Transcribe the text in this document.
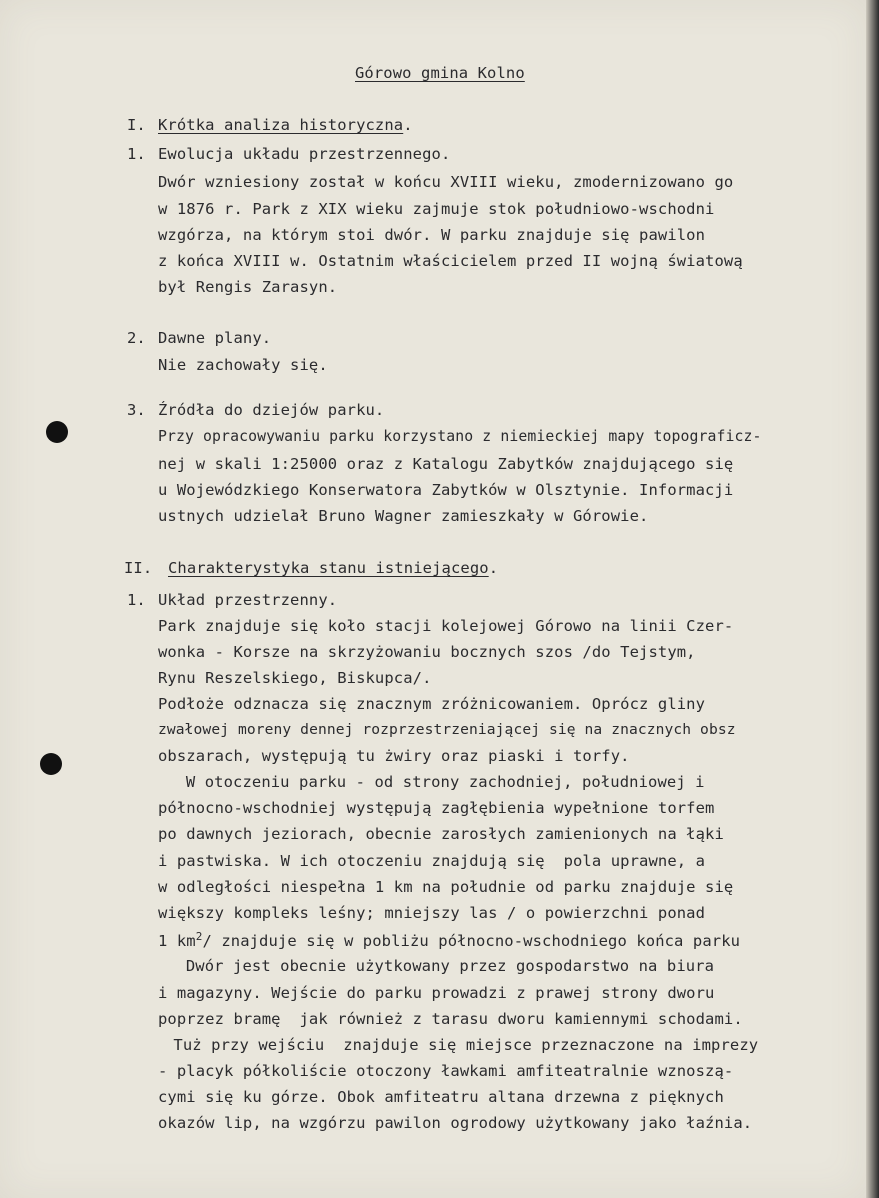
Górowo gmina Kolno
I. Krótka analiza historyczna.
1. Ewolucja układu przestrzennego.
Dwór wzniesiony został w końcu XVIII wieku, zmodernizowano go
w 1876 r. Park z XIX wieku zajmuje stok południowo-wschodni
wzgórza, na którym stoi dwór. W parku znajduje się pawilon
z końca XVIII w. Ostatnim właścicielem przed II wojną światową
był Rengis Zarasyn.
2. Dawne plany.
Nie zachowały się.
3. Źródła do dziejów parku.
Przy opracowywaniu parku korzystano z niemieckiej mapy topograficz-
nej w skali 1:25000 oraz z Katalogu Zabytków znajdującego się
u Wojewódzkiego Konserwatora Zabytków w Olsztynie. Informacji
ustnych udzielał Bruno Wagner zamieszkały w Górowie.
II. Charakterystyka stanu istniejącego.
1. Układ przestrzenny.
Park znajduje się koło stacji kolejowej Górowo na linii Czer-
wonka - Korsze na skrzyżowaniu bocznych szos /do Tejstym,
Rynu Reszelskiego, Biskupca/.
Podłoże odznacza się znacznym zróżnicowaniem. Oprócz gliny
zwałowej moreny dennej rozprzestrzeniającej się na znacznych obsz
obszarach, występują tu żwiry oraz piaski i torfy.
W otoczeniu parku - od strony zachodniej, południowej i
północno-wschodniej występują zagłębienia wypełnione torfem
po dawnych jeziorach, obecnie zarosłych zamienionych na łąki
i pastwiska. W ich otoczeniu znajdują się  pola uprawne, a
w odległości niespełna 1 km na południe od parku znajduje się
większy kompleks leśny; mniejszy las / o powierzchni ponad
1 $km^2/$ znajduje się w pobliżu północno-wschodniego końca parku
Dwór jest obecnie użytkowany przez gospodarstwo na biura
i magazyny. Wejście do parku prowadzi z prawej strony dworu
poprzez bramę  jak również z tarasu dworu kamiennymi schodami.
Tuż przy wejściu  znajduje się miejsce przeznaczone na imprezy
- placyk półkoliście otoczony ławkami amfiteatralnie wznoszą-
cymi się ku górze. Obok amfiteatru altana drzewna z pięknych
okazów lip, na wzgórzu pawilon ogrodowy użytkowany jako łaźnia.
